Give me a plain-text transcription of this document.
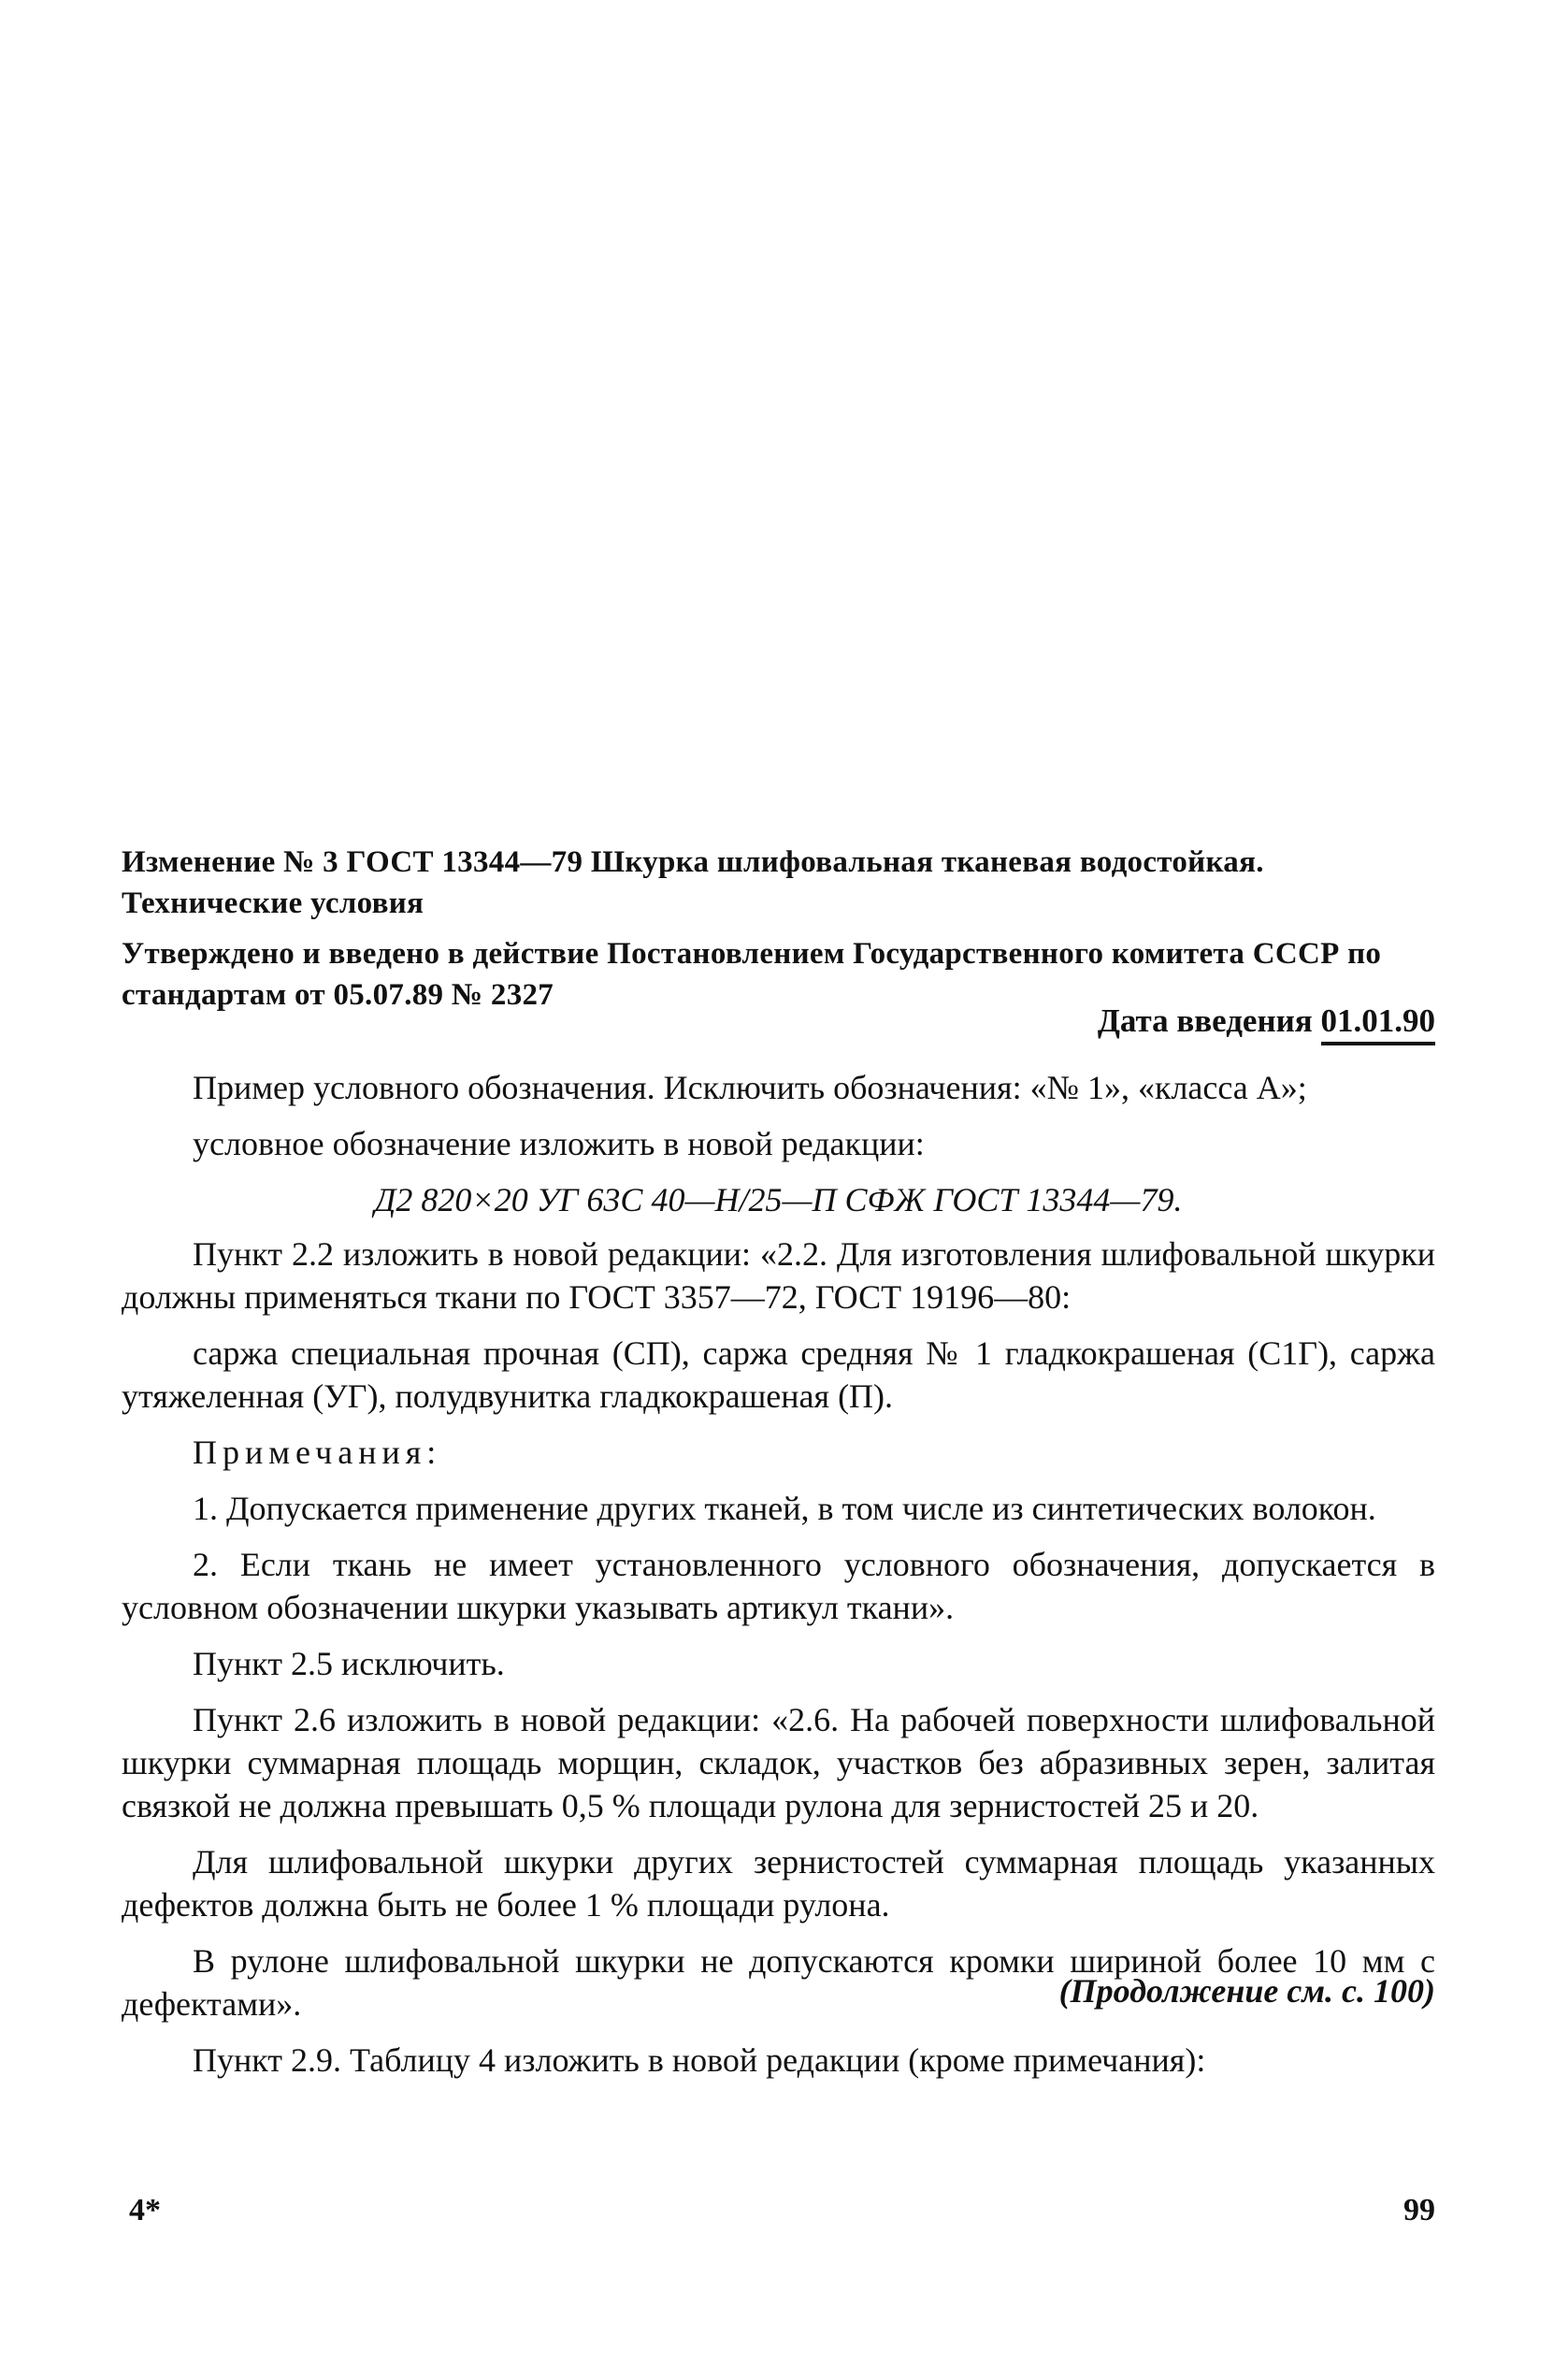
Изменение № 3 ГОСТ 13344—79 Шкурка шлифовальная тканевая водостойкая. Технические условия
Утверждено и введено в действие Постановлением Государственного комитета СССР по стандартам от 05.07.89 № 2327
Дата введения 01.01.90

Пример условного обозначения. Исключить обозначения: «№ 1», «класса А»;

условное обозначение изложить в новой редакции:

Д2 820×20 УГ 63С 40—Н/25—П СФЖ ГОСТ 13344—79.

Пункт 2.2 изложить в новой редакции: «2.2. Для изготовления шлифовальной шкурки должны применяться ткани по ГОСТ 3357—72, ГОСТ 19196—80:

саржа специальная прочная (СП), саржа средняя № 1 гладкокрашеная (С1Г), саржа утяжеленная (УГ), полудвунитка гладкокрашеная (П).

Примечания:

1. Допускается применение других тканей, в том числе из синтетических волокон.

2. Если ткань не имеет установленного условного обозначения, допускается в условном обозначении шкурки указывать артикул ткани».

Пункт 2.5 исключить.

Пункт 2.6 изложить в новой редакции: «2.6. На рабочей поверхности шлифовальной шкурки суммарная площадь морщин, складок, участков без абразивных зерен, залитая связкой не должна превышать 0,5 % площади рулона для зернистостей 25 и 20.

Для шлифовальной шкурки других зернистостей суммарная площадь указанных дефектов должна быть не более 1 % площади рулона.

В рулоне шлифовальной шкурки не допускаются кромки шириной более 10 мм с дефектами».

Пункт 2.9. Таблицу 4 изложить в новой редакции (кроме примечания):

(Продолжение см. с. 100)
4*	99
